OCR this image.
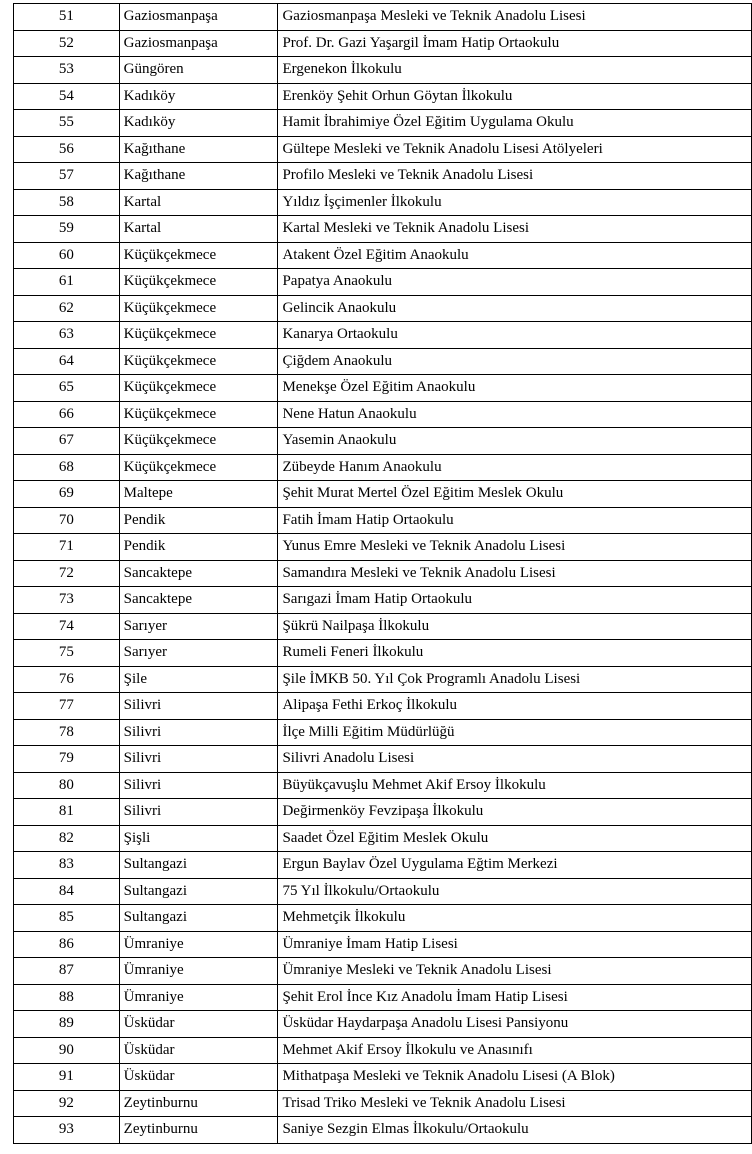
51	Gaziosmanpaşa	Gaziosmanpaşa Mesleki ve Teknik Anadolu Lisesi
52	Gaziosmanpaşa	Prof. Dr. Gazi Yaşargil İmam Hatip Ortaokulu
53	Güngören	Ergenekon İlkokulu
54	Kadıköy	Erenköy Şehit Orhun Göytan İlkokulu
55	Kadıköy	Hamit İbrahimiye Özel Eğitim Uygulama Okulu
56	Kağıthane	Gültepe Mesleki ve Teknik Anadolu Lisesi Atölyeleri
57	Kağıthane	Profilo Mesleki ve Teknik Anadolu Lisesi
58	Kartal	Yıldız İşçimenler İlkokulu
59	Kartal	Kartal Mesleki ve Teknik Anadolu Lisesi
60	Küçükçekmece	Atakent Özel Eğitim Anaokulu
61	Küçükçekmece	Papatya Anaokulu
62	Küçükçekmece	Gelincik Anaokulu
63	Küçükçekmece	Kanarya Ortaokulu
64	Küçükçekmece	Çiğdem Anaokulu
65	Küçükçekmece	Menekşe Özel Eğitim Anaokulu
66	Küçükçekmece	Nene Hatun Anaokulu
67	Küçükçekmece	Yasemin Anaokulu
68	Küçükçekmece	Zübeyde Hanım Anaokulu
69	Maltepe	Şehit Murat Mertel Özel Eğitim Meslek Okulu
70	Pendik	Fatih İmam Hatip Ortaokulu
71	Pendik	Yunus Emre Mesleki ve Teknik Anadolu Lisesi
72	Sancaktepe	Samandıra Mesleki ve Teknik Anadolu Lisesi
73	Sancaktepe	Sarıgazi İmam Hatip Ortaokulu
74	Sarıyer	Şükrü Nailpaşa İlkokulu
75	Sarıyer	Rumeli Feneri İlkokulu
76	Şile	Şile İMKB 50. Yıl Çok Programlı Anadolu Lisesi
77	Silivri	Alipaşa Fethi Erkoç İlkokulu
78	Silivri	İlçe Milli Eğitim Müdürlüğü
79	Silivri	Silivri Anadolu Lisesi
80	Silivri	Büyükçavuşlu Mehmet Akif Ersoy İlkokulu
81	Silivri	Değirmenköy Fevzipaşa İlkokulu
82	Şişli	Saadet Özel Eğitim Meslek Okulu
83	Sultangazi	Ergun Baylav Özel Uygulama Eğtim Merkezi
84	Sultangazi	75 Yıl İlkokulu/Ortaokulu
85	Sultangazi	Mehmetçik İlkokulu
86	Ümraniye	Ümraniye İmam Hatip Lisesi
87	Ümraniye	Ümraniye Mesleki ve Teknik Anadolu Lisesi
88	Ümraniye	Şehit Erol İnce Kız Anadolu İmam Hatip Lisesi
89	Üsküdar	Üsküdar Haydarpaşa Anadolu Lisesi Pansiyonu
90	Üsküdar	Mehmet Akif Ersoy İlkokulu ve Anasınıfı
91	Üsküdar	Mithatpaşa Mesleki ve Teknik Anadolu Lisesi (A Blok)
92	Zeytinburnu	Trisad Triko Mesleki ve Teknik Anadolu Lisesi
93	Zeytinburnu	Saniye Sezgin Elmas İlkokulu/Ortaokulu
